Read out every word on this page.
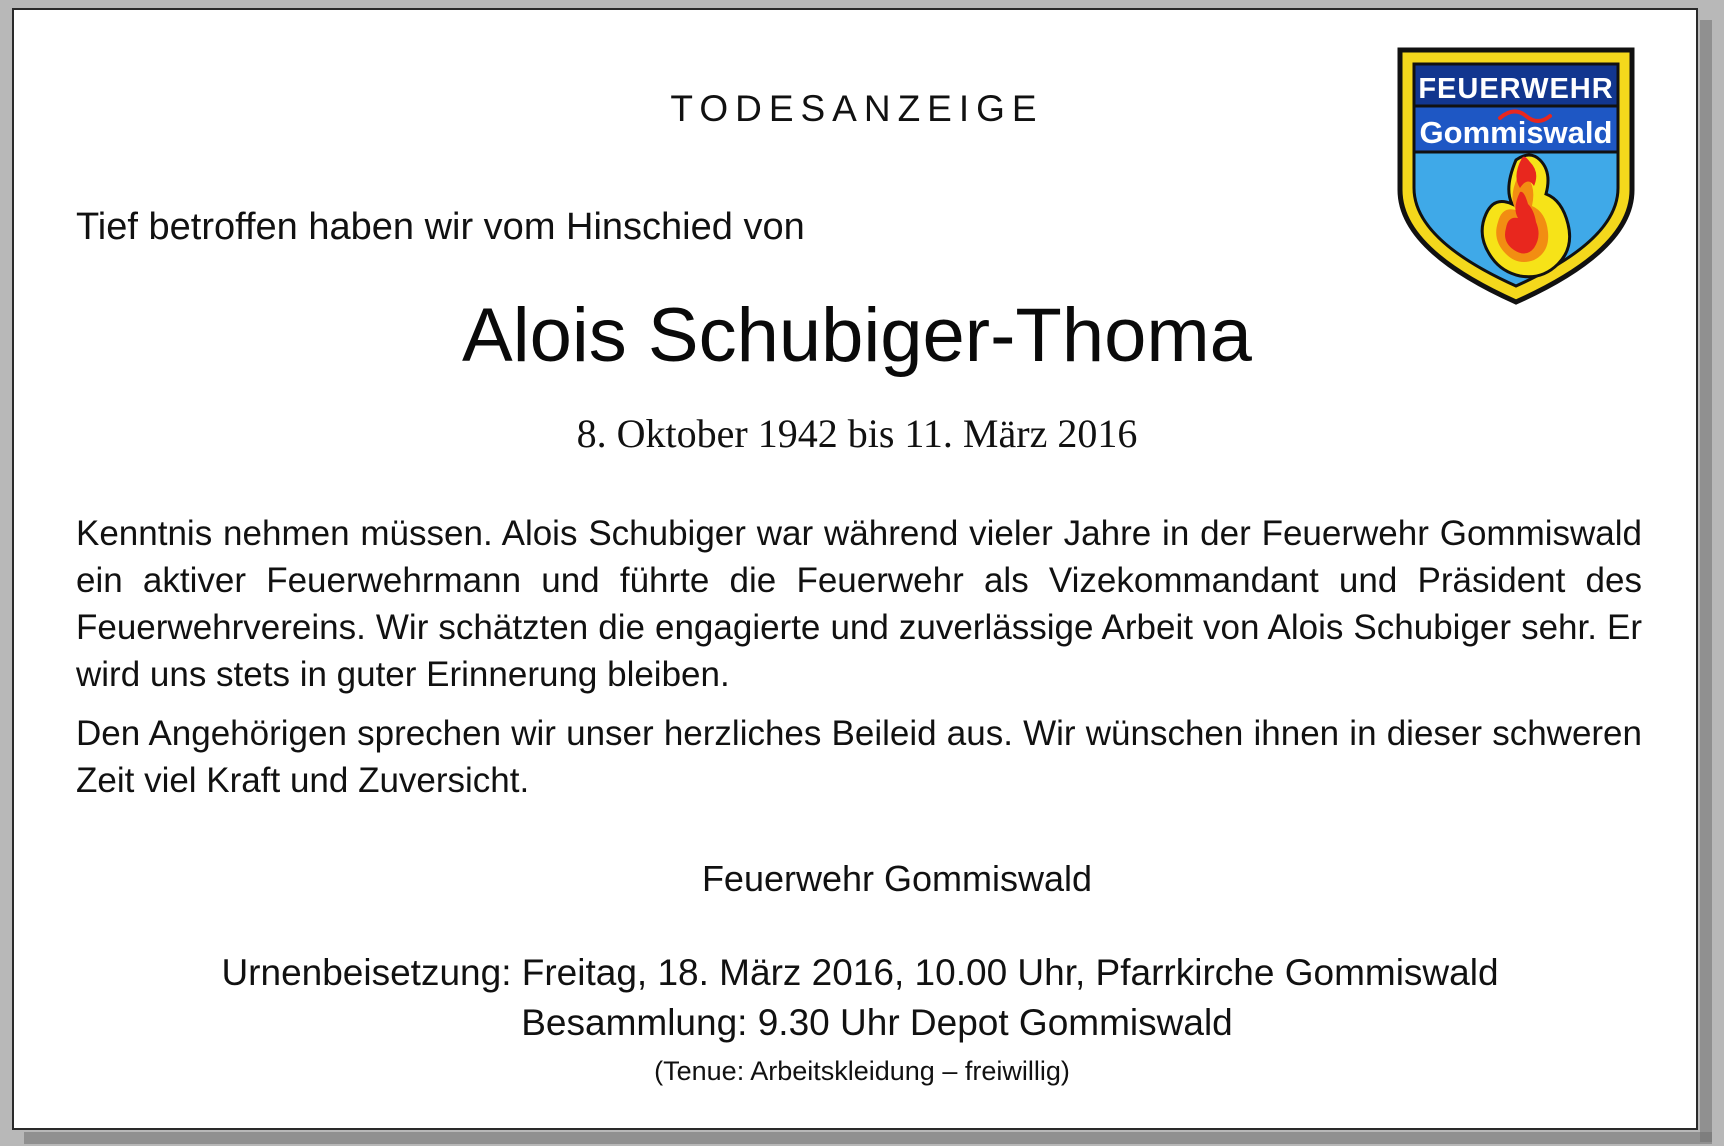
TODESANZEIGE	FEUERWEHR
Gommiswald
Tief betroffen haben wir vom Hinschied von
Alois Schubiger-Thoma
8. Oktober 1942 bis 11. März 2016
Kenntnis nehmen müssen. Alois Schubiger war während vieler Jahre in der Feuerwehr Gommiswald ein aktiver Feuerwehrmann und führte die Feuerwehr als Vizekommandant und Präsident des Feuerwehrvereins. Wir schätzten die engagierte und zuverlässige Arbeit von Alois Schubiger sehr. Er wird uns stets in guter Erinnerung bleiben.
Den Angehörigen sprechen wir unser herzliches Beileid aus. Wir wünschen ihnen in dieser schweren Zeit viel Kraft und Zuversicht.
Feuerwehr Gommiswald
Urnenbeisetzung: Freitag, 18. März 2016, 10.00 Uhr, Pfarrkirche Gommiswald
Besammlung: 9.30 Uhr Depot Gommiswald
(Tenue: Arbeitskleidung – freiwillig)
